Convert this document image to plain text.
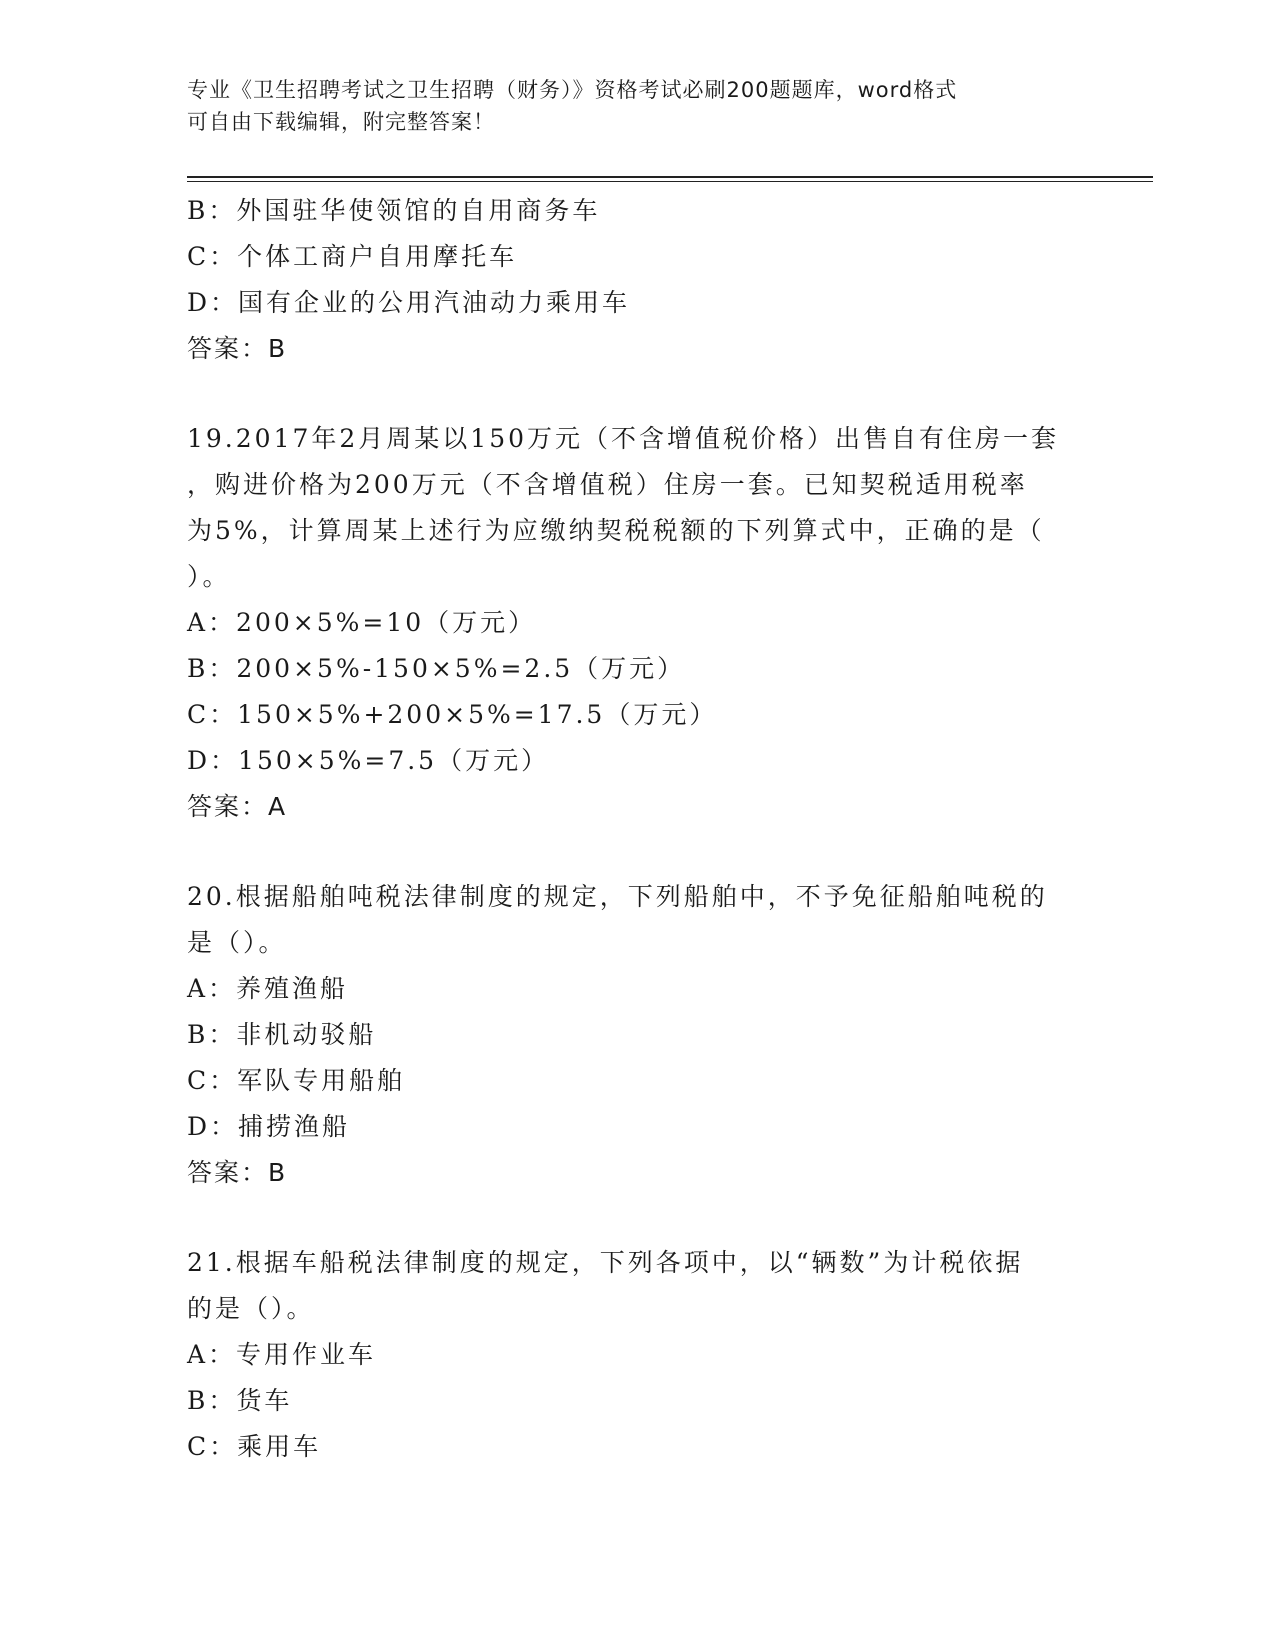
专业《卫生招聘考试之卫生招聘（财务）》资格考试必刷200题题库，word格式
可自由下载编辑，附完整答案！
B：外国驻华使领馆的自用商务车
C：个体工商户自用摩托车
D：国有企业的公用汽油动力乘用车
答案：B
19.2017年2月周某以150万元（不含增值税价格）出售自有住房一套
，购进价格为200万元（不含增值税）住房一套。已知契税适用税率
为5%，计算周某上述行为应缴纳契税税额的下列算式中，正确的是（
）。
A：200×5%=10（万元）
B：200×5%-150×5%=2.5（万元）
C：150×5%+200×5%=17.5（万元）
D：150×5%=7.5（万元）
答案：A
20.根据船舶吨税法律制度的规定，下列船舶中，不予免征船舶吨税的
是（）。
A：养殖渔船
B：非机动驳船
C：军队专用船舶
D：捕捞渔船
答案：B
21.根据车船税法律制度的规定，下列各项中，以“辆数”为计税依据
的是（）。
A：专用作业车
B：货车
C：乘用车
